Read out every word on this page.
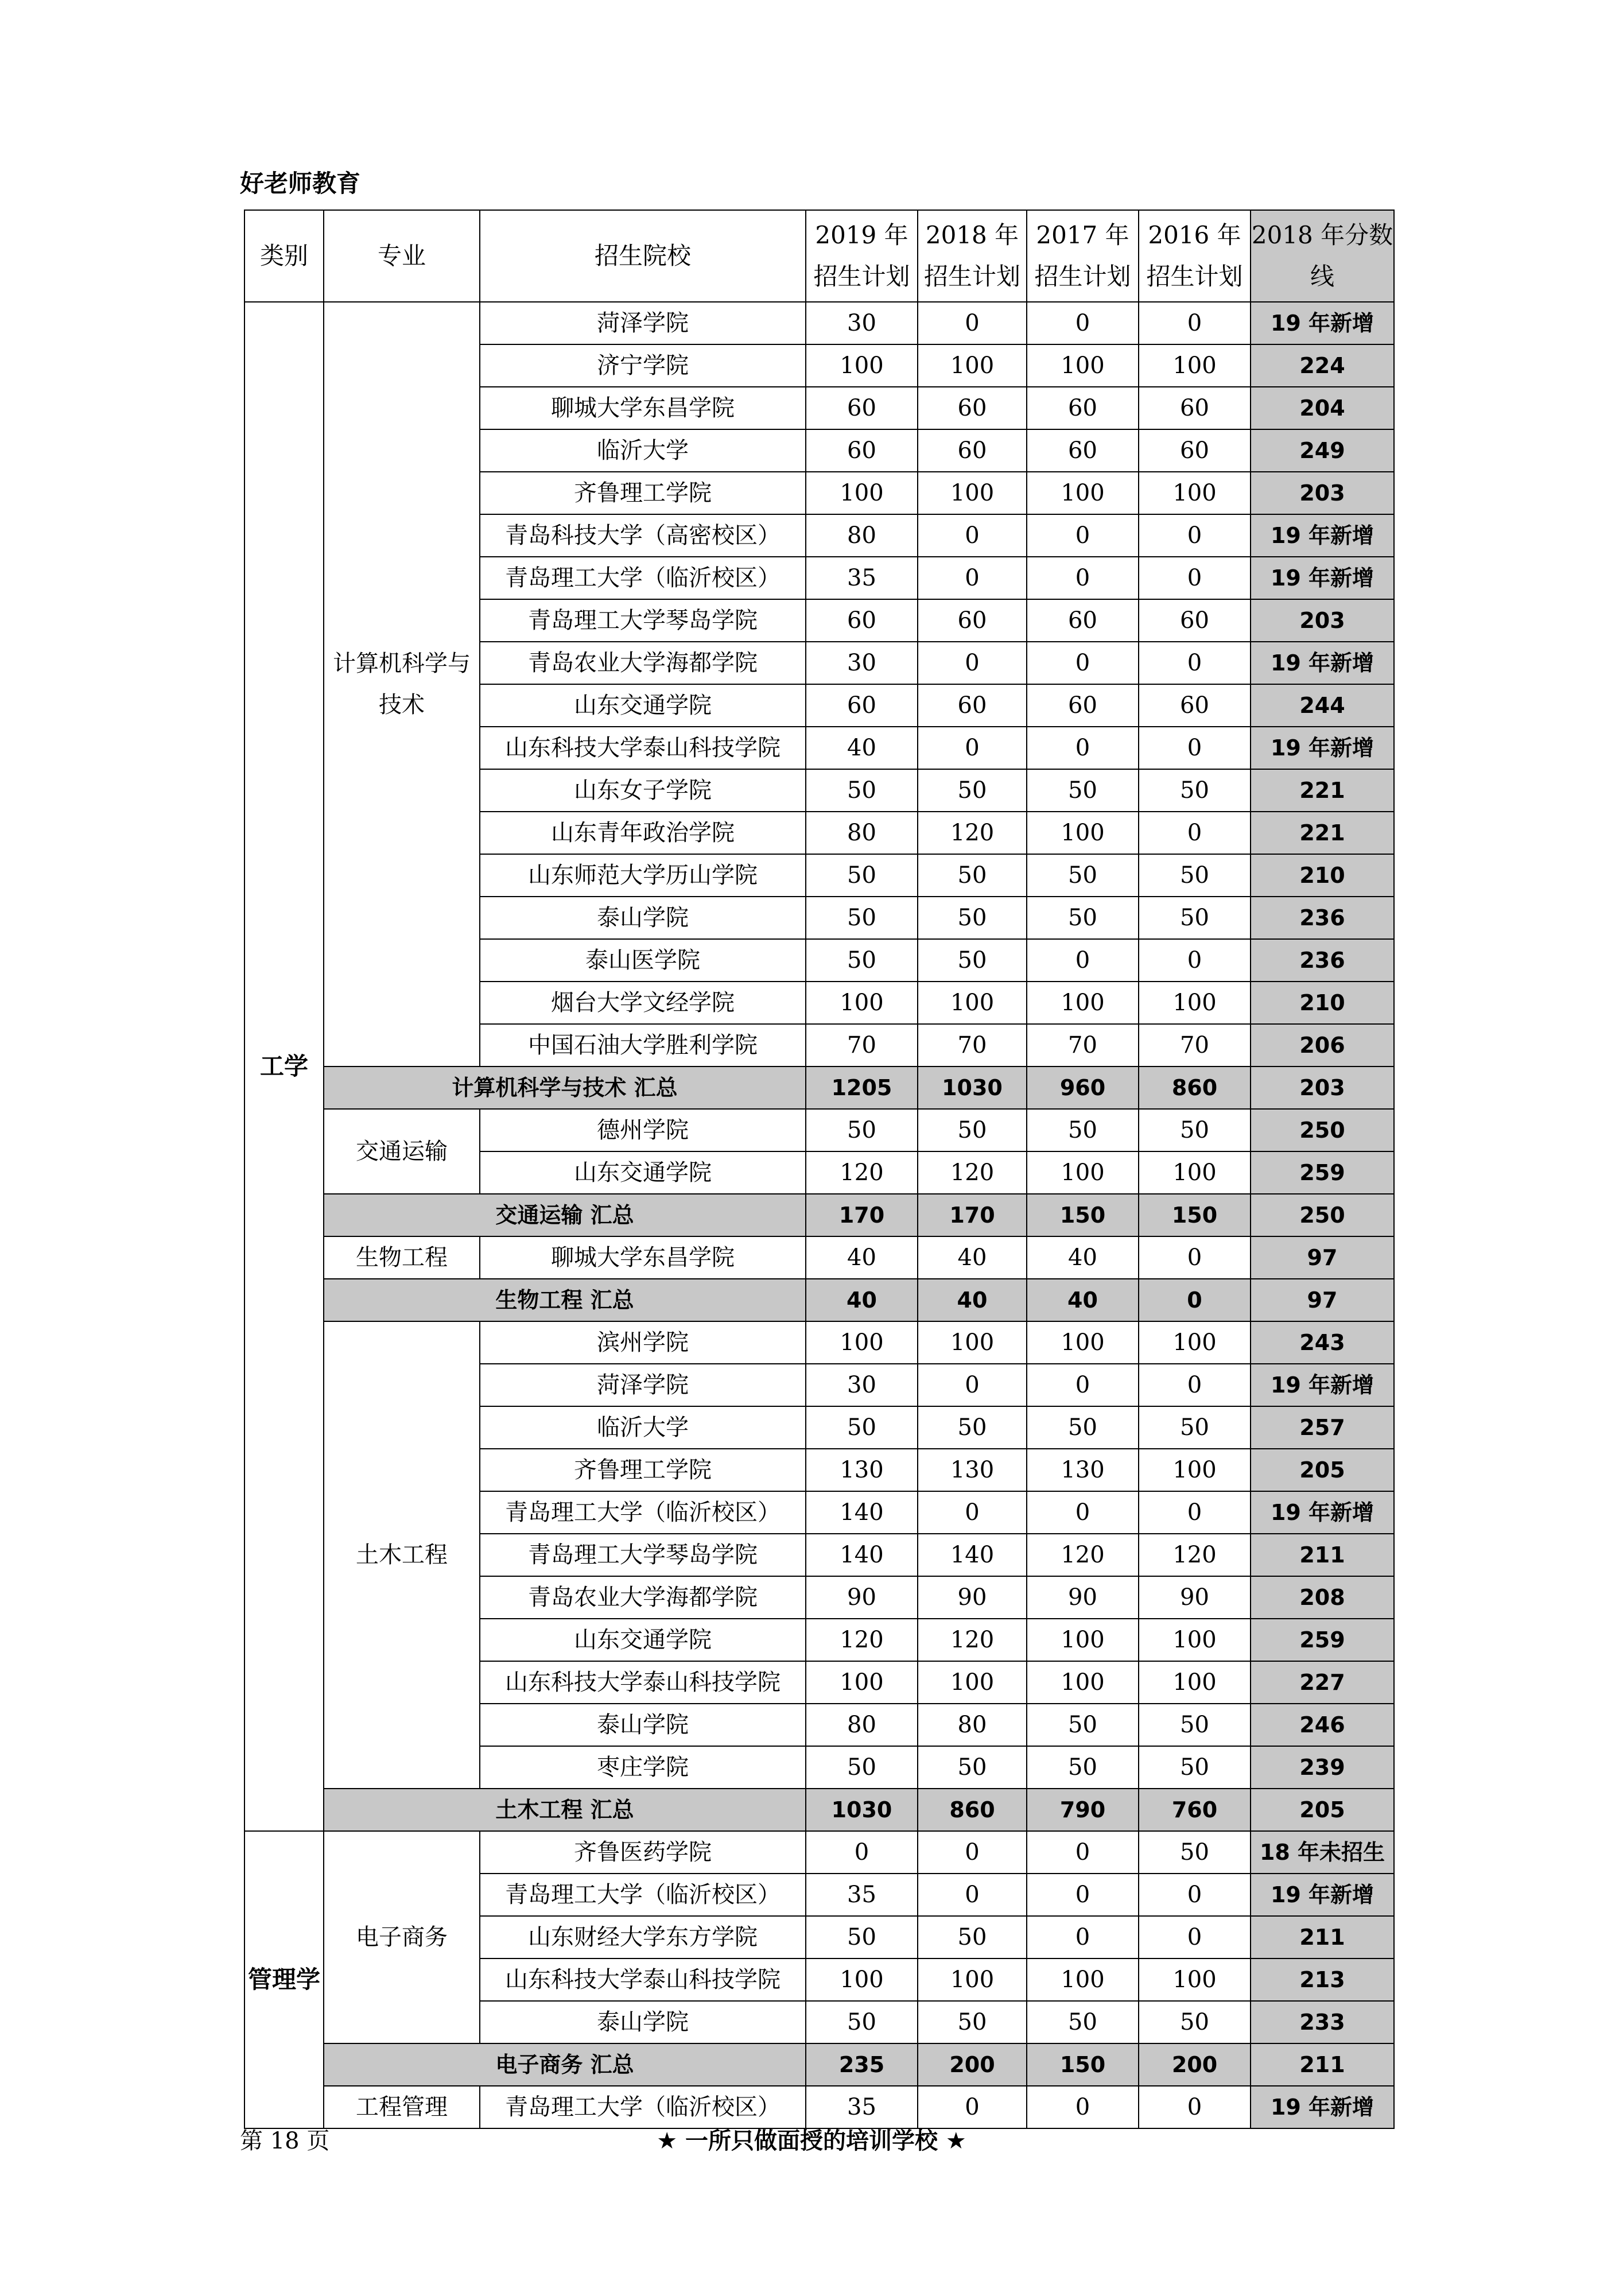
好老师教育
类别	专业	招生院校	2019 年招生计划	2018 年招生计划	2017 年招生计划	2016 年招生计划	2018 年分数线
工学	计算机科学与技术	菏泽学院	30	0	0	0	19 年新增
		济宁学院	100	100	100	100	224
		聊城大学东昌学院	60	60	60	60	204
		临沂大学	60	60	60	60	249
		齐鲁理工学院	100	100	100	100	203
		青岛科技大学（高密校区）	80	0	0	0	19 年新增
		青岛理工大学（临沂校区）	35	0	0	0	19 年新增
		青岛理工大学琴岛学院	60	60	60	60	203
		青岛农业大学海都学院	30	0	0	0	19 年新增
		山东交通学院	60	60	60	60	244
		山东科技大学泰山科技学院	40	0	0	0	19 年新增
		山东女子学院	50	50	50	50	221
		山东青年政治学院	80	120	100	0	221
		山东师范大学历山学院	50	50	50	50	210
		泰山学院	50	50	50	50	236
		泰山医学院	50	50	0	0	236
		烟台大学文经学院	100	100	100	100	210
		中国石油大学胜利学院	70	70	70	70	206
	计算机科学与技术 汇总		1205	1030	960	860	203
	交通运输	德州学院	50	50	50	50	250
		山东交通学院	120	120	100	100	259
	交通运输 汇总		170	170	150	150	250
	生物工程	聊城大学东昌学院	40	40	40	0	97
	生物工程 汇总		40	40	40	0	97
	土木工程	滨州学院	100	100	100	100	243
		菏泽学院	30	0	0	0	19 年新增
		临沂大学	50	50	50	50	257
		齐鲁理工学院	130	130	130	100	205
		青岛理工大学（临沂校区）	140	0	0	0	19 年新增
		青岛理工大学琴岛学院	140	140	120	120	211
		青岛农业大学海都学院	90	90	90	90	208
		山东交通学院	120	120	100	100	259
		山东科技大学泰山科技学院	100	100	100	100	227
		泰山学院	80	80	50	50	246
		枣庄学院	50	50	50	50	239
	土木工程 汇总		1030	860	790	760	205
管理学	电子商务	齐鲁医药学院	0	0	0	50	18 年未招生
		青岛理工大学（临沂校区）	35	0	0	0	19 年新增
		山东财经大学东方学院	50	50	0	0	211
		山东科技大学泰山科技学院	100	100	100	100	213
		泰山学院	50	50	50	50	233
	电子商务 汇总		235	200	150	200	211
	工程管理	青岛理工大学（临沂校区）	35	0	0	0	19 年新增
第 18 页	★ 一所只做面授的培训学校 ★
